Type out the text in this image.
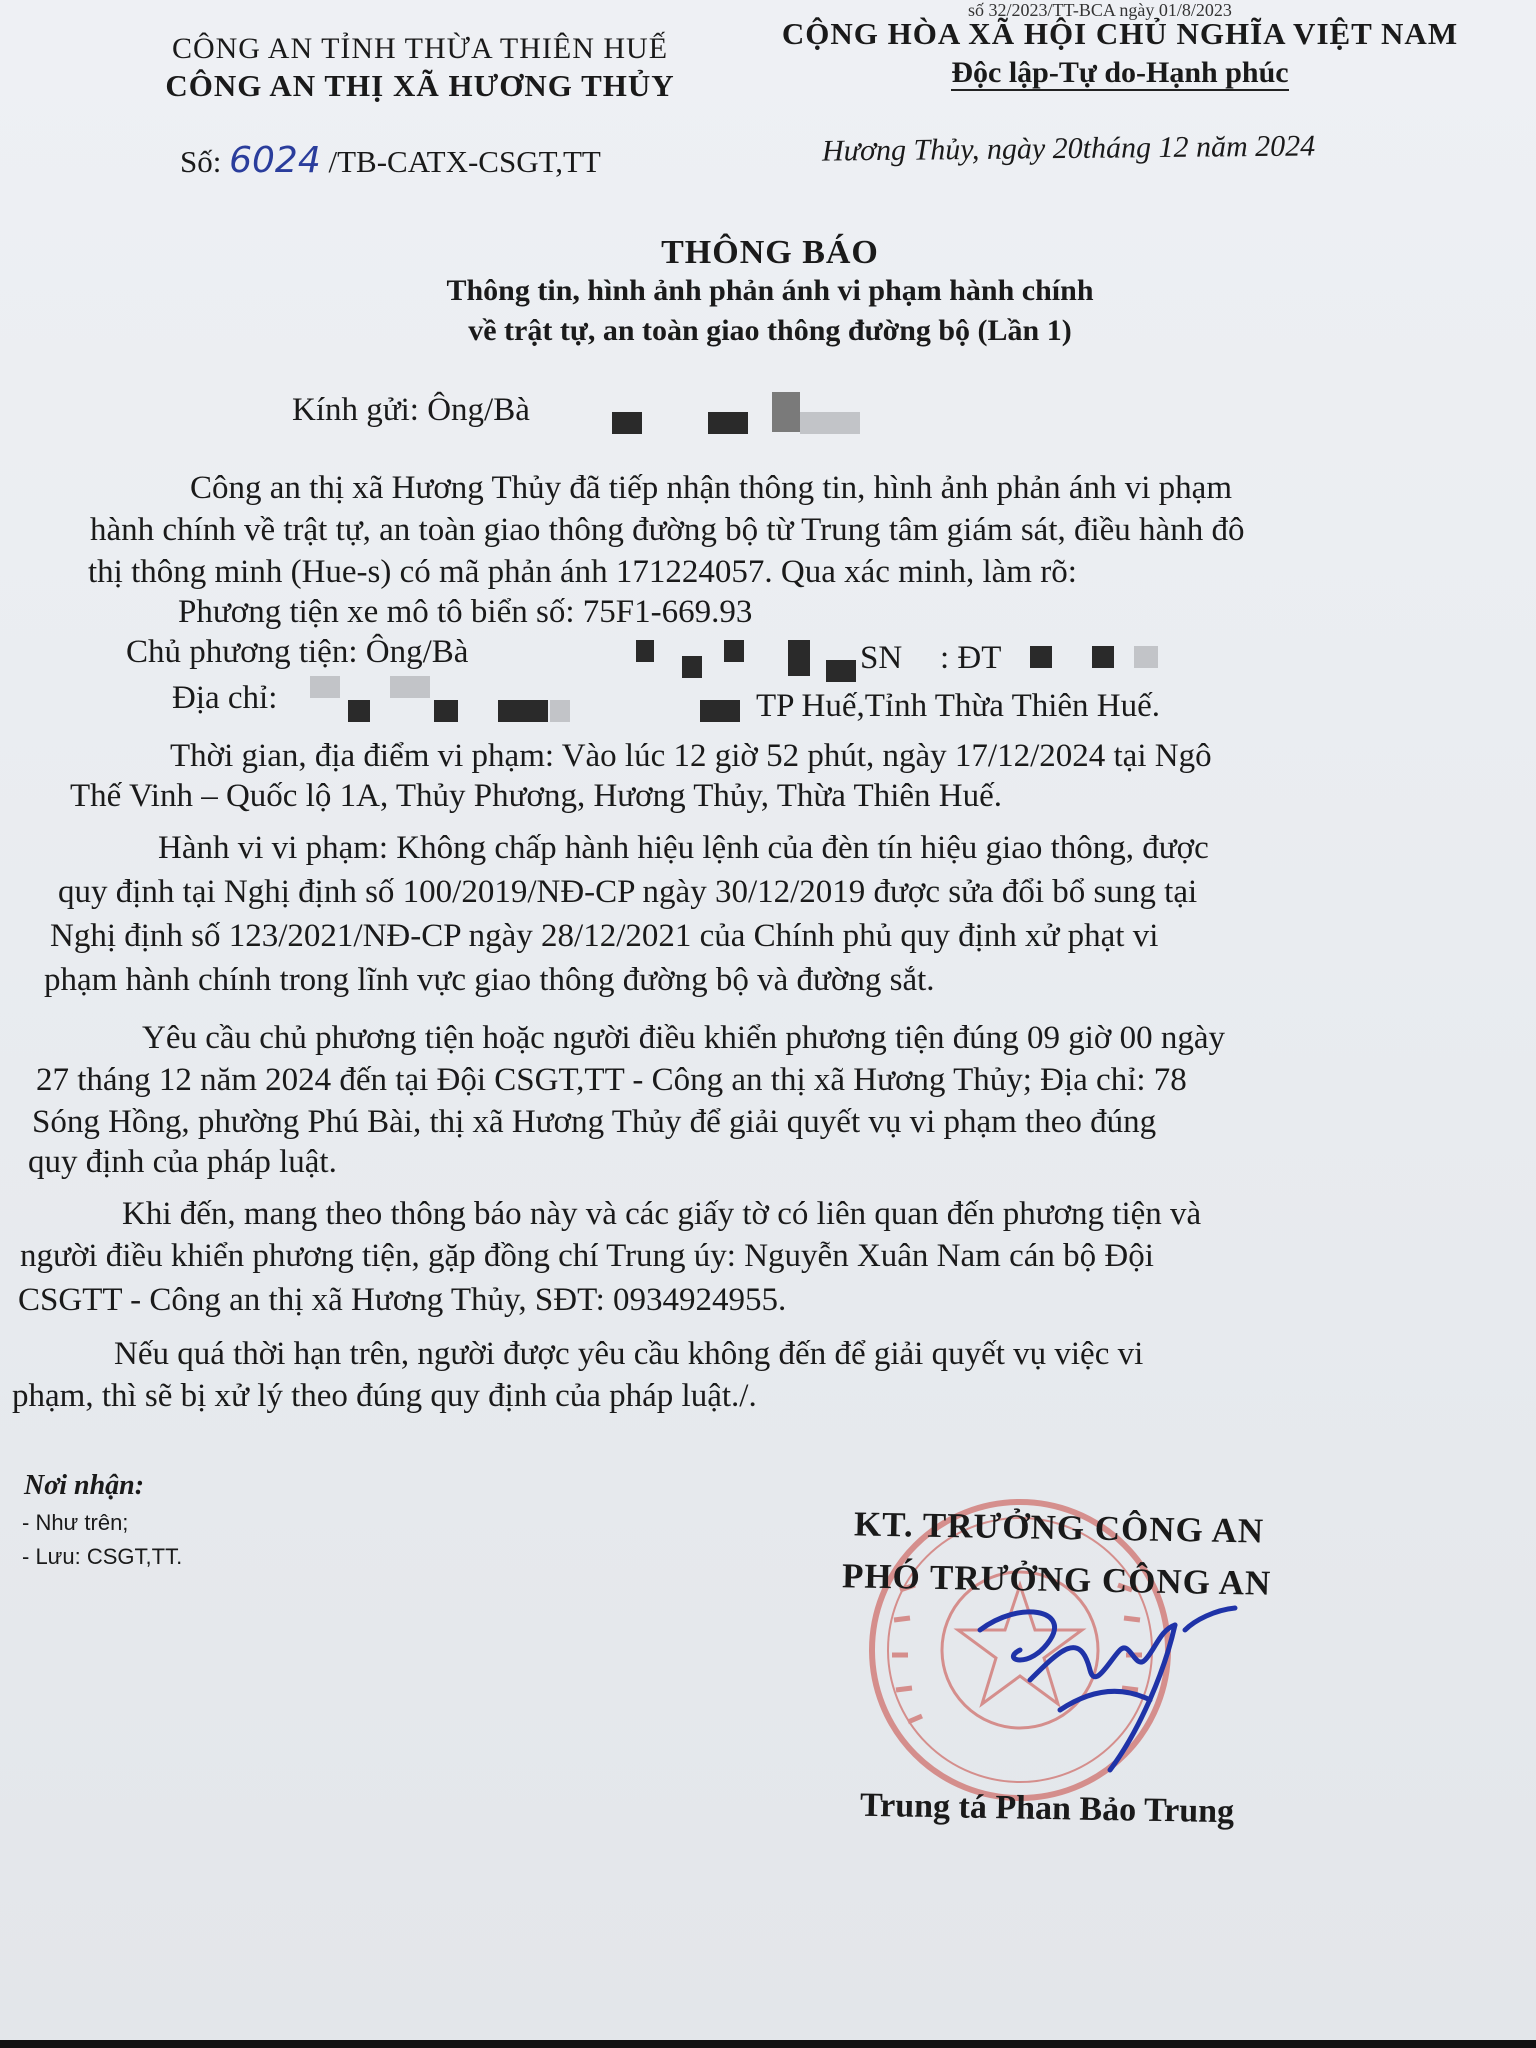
số 32/2023/TT-BCA ngày 01/8/2023
CÔNG AN TỈNH THỪA THIÊN HUẾ
CÔNG AN THỊ XÃ HƯƠNG THỦY
CỘNG HÒA XÃ HỘI CHỦ NGHĨA VIỆT NAM
Độc lập-Tự do-Hạnh phúc
Số: 6024 /TB-CATX-CSGT,TT	Hương Thủy, ngày 20tháng 12 năm 2024
THÔNG BÁO
Thông tin, hình ảnh phản ánh vi phạm hành chính
về trật tự, an toàn giao thông đường bộ (Lần 1)
Kính gửi: Ông/Bà
Công an thị xã Hương Thủy đã tiếp nhận thông tin, hình ảnh phản ánh vi phạm
hành chính về trật tự, an toàn giao thông đường bộ từ Trung tâm giám sát, điều hành đô
thị thông minh (Hue-s) có mã phản ánh 171224057. Qua xác minh, làm rõ:
Phương tiện xe mô tô biển số: 75F1-669.93
Chủ phương tiện: Ông/Bà	SN : ĐT
Địa chỉ:	TP Huế,Tỉnh Thừa Thiên Huế.
Thời gian, địa điểm vi phạm: Vào lúc 12 giờ 52 phút, ngày 17/12/2024 tại Ngô
Thế Vinh – Quốc lộ 1A, Thủy Phương, Hương Thủy, Thừa Thiên Huế.
Hành vi vi phạm: Không chấp hành hiệu lệnh của đèn tín hiệu giao thông, được
quy định tại Nghị định số 100/2019/NĐ-CP ngày 30/12/2019 được sửa đổi bổ sung tại
Nghị định số 123/2021/NĐ-CP ngày 28/12/2021 của Chính phủ quy định xử phạt vi
phạm hành chính trong lĩnh vực giao thông đường bộ và đường sắt.
Yêu cầu chủ phương tiện hoặc người điều khiển phương tiện đúng 09 giờ 00 ngày
27 tháng 12 năm 2024 đến tại Đội CSGT,TT - Công an thị xã Hương Thủy; Địa chỉ: 78
Sóng Hồng, phường Phú Bài, thị xã Hương Thủy để giải quyết vụ vi phạm theo đúng
quy định của pháp luật.
Khi đến, mang theo thông báo này và các giấy tờ có liên quan đến phương tiện và
người điều khiển phương tiện, gặp đồng chí Trung úy: Nguyễn Xuân Nam cán bộ Đội
CSGTT - Công an thị xã Hương Thủy, SĐT: 0934924955.
Nếu quá thời hạn trên, người được yêu cầu không đến để giải quyết vụ việc vi
phạm, thì sẽ bị xử lý theo đúng quy định của pháp luật./.
Nơi nhận:
- Như trên;
- Lưu: CSGT,TT.
KT. TRƯỞNG CÔNG AN
PHÓ TRƯỞNG CÔNG AN
Trung tá Phan Bảo Trung
